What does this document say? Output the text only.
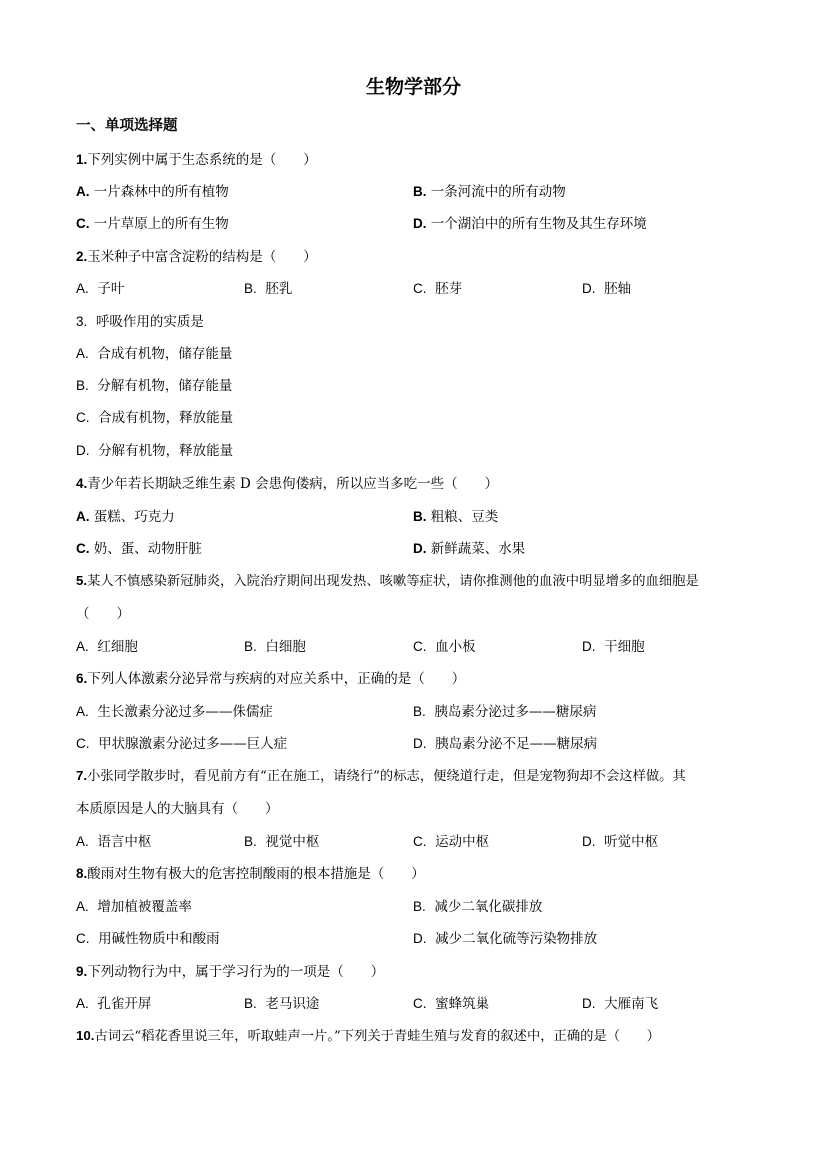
生物学部分
一、单项选择题
1.下列实例中属于生态系统的是（　　）
A. 一片森林中的所有植物	B. 一条河流中的所有动物
C. 一片草原上的所有生物	D. 一个湖泊中的所有生物及其生存环境
2.玉米种子中富含淀粉的结构是（　　）
A. 子叶	B. 胚乳	C. 胚芽	D. 胚轴
3. 呼吸作用的实质是
A. 合成有机物，储存能量
B. 分解有机物，储存能量
C. 合成有机物，释放能量
D. 分解有机物，释放能量
4.青少年若长期缺乏维生素 D 会患佝偻病，所以应当多吃一些（　　）
A. 蛋糕、巧克力	B. 粗粮、豆类
C. 奶、蛋、动物肝脏	D. 新鲜蔬菜、水果
5.某人不慎感染新冠肺炎，入院治疗期间出现发热、咳嗽等症状，请你推测他的血液中明显增多的血细胞是
（　　）
A. 红细胞	B. 白细胞	C. 血小板	D. 干细胞
6.下列人体激素分泌异常与疾病的对应关系中，正确的是（　　）
A. 生长激素分泌过多——侏儒症	B. 胰岛素分泌过多——糖尿病
C. 甲状腺激素分泌过多——巨人症	D. 胰岛素分泌不足——糖尿病
7.小张同学散步时，看见前方有“正在施工，请绕行”的标志，便绕道行走，但是宠物狗却不会这样做。其
本质原因是人的大脑具有（　　）
A. 语言中枢	B. 视觉中枢	C. 运动中枢	D. 听觉中枢
8.酸雨对生物有极大的危害控制酸雨的根本措施是（　　）
A. 增加植被覆盖率	B. 减少二氧化碳排放
C. 用碱性物质中和酸雨	D. 减少二氧化硫等污染物排放
9.下列动物行为中，属于学习行为的一项是（　　）
A. 孔雀开屏	B. 老马识途	C. 蜜蜂筑巢	D. 大雁南飞
10.古词云“稻花香里说三年，听取蛙声一片。”下列关于青蛙生殖与发育的叙述中，正确的是（　　）
